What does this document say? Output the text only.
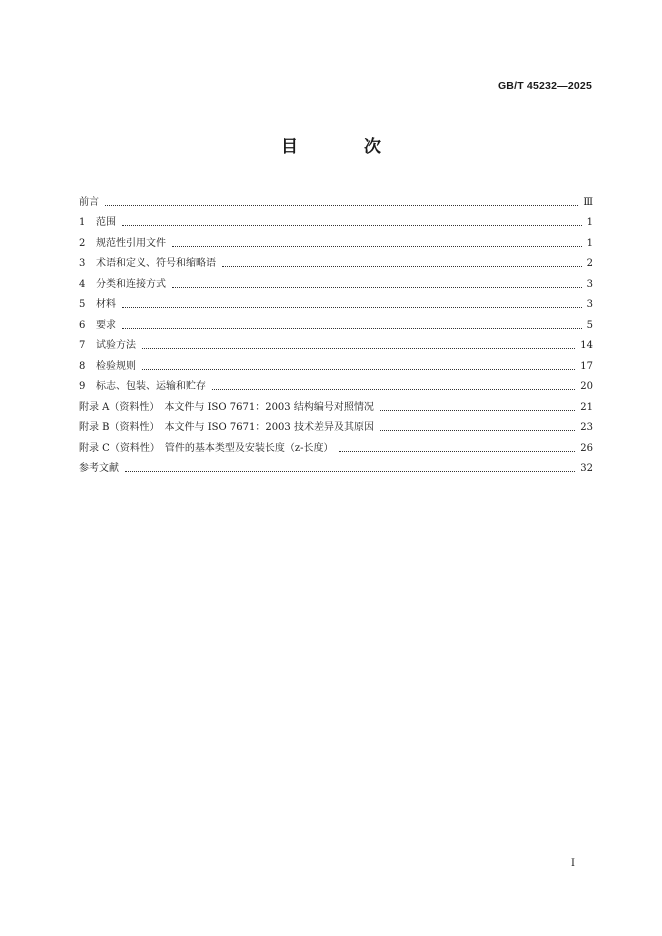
GB/T 45232—2025
目 次
前言	Ⅲ
1 范围	1
2 规范性引用文件	1
3 术语和定义、符号和缩略语	2
4 分类和连接方式	3
5 材料	3
6 要求	5
7 试验方法	14
8 检验规则	17
9 标志、包装、运输和贮存	20
附录 A（资料性）　本文件与 ISO 7671：2003 结构编号对照情况	21
附录 B（资料性）　本文件与 ISO 7671：2003 技术差异及其原因	23
附录 C（资料性）　管件的基本类型及安装长度（z-长度）	26
参考文献	32
Ⅰ
